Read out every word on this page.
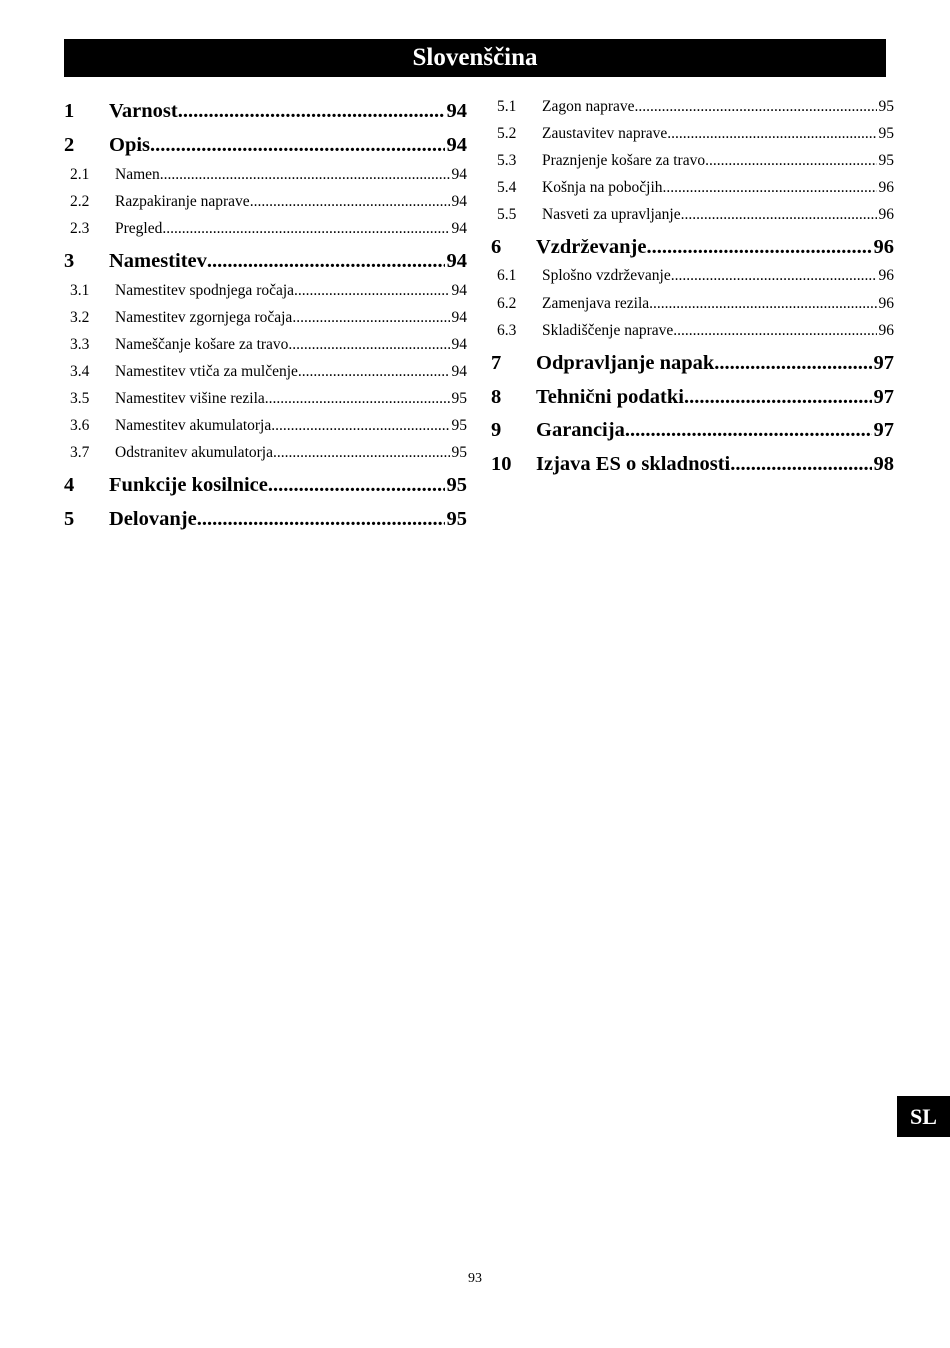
Slovenščina
1	Varnost .....	94
2	Opis .....	94
2.1	Namen .....	94
2.2	Razpakiranje naprave .....	94
2.3	Pregled .....	94
3	Namestitev .....	94
3.1	Namestitev spodnjega ročaja .....	94
3.2	Namestitev zgornjega ročaja .....	94
3.3	Nameščanje košare za travo .....	94
3.4	Namestitev vtiča za mulčenje .....	94
3.5	Namestitev višine rezila .....	95
3.6	Namestitev akumulatorja .....	95
3.7	Odstranitev akumulatorja .....	95
4	Funkcije kosilnice .....	95
5	Delovanje .....	95
5.1	Zagon naprave .....	95
5.2	Zaustavitev naprave .....	95
5.3	Praznjenje košare za travo .....	95
5.4	Košnja na pobočjih .....	96
5.5	Nasveti za upravljanje .....	96
6	Vzdrževanje .....	96
6.1	Splošno vzdrževanje .....	96
6.2	Zamenjava rezila .....	96
6.3	Skladiščenje naprave .....	96
7	Odpravljanje napak .....	97
8	Tehnični podatki .....	97
9	Garancija .....	97
10	Izjava ES o skladnosti .....	98
SL
93
